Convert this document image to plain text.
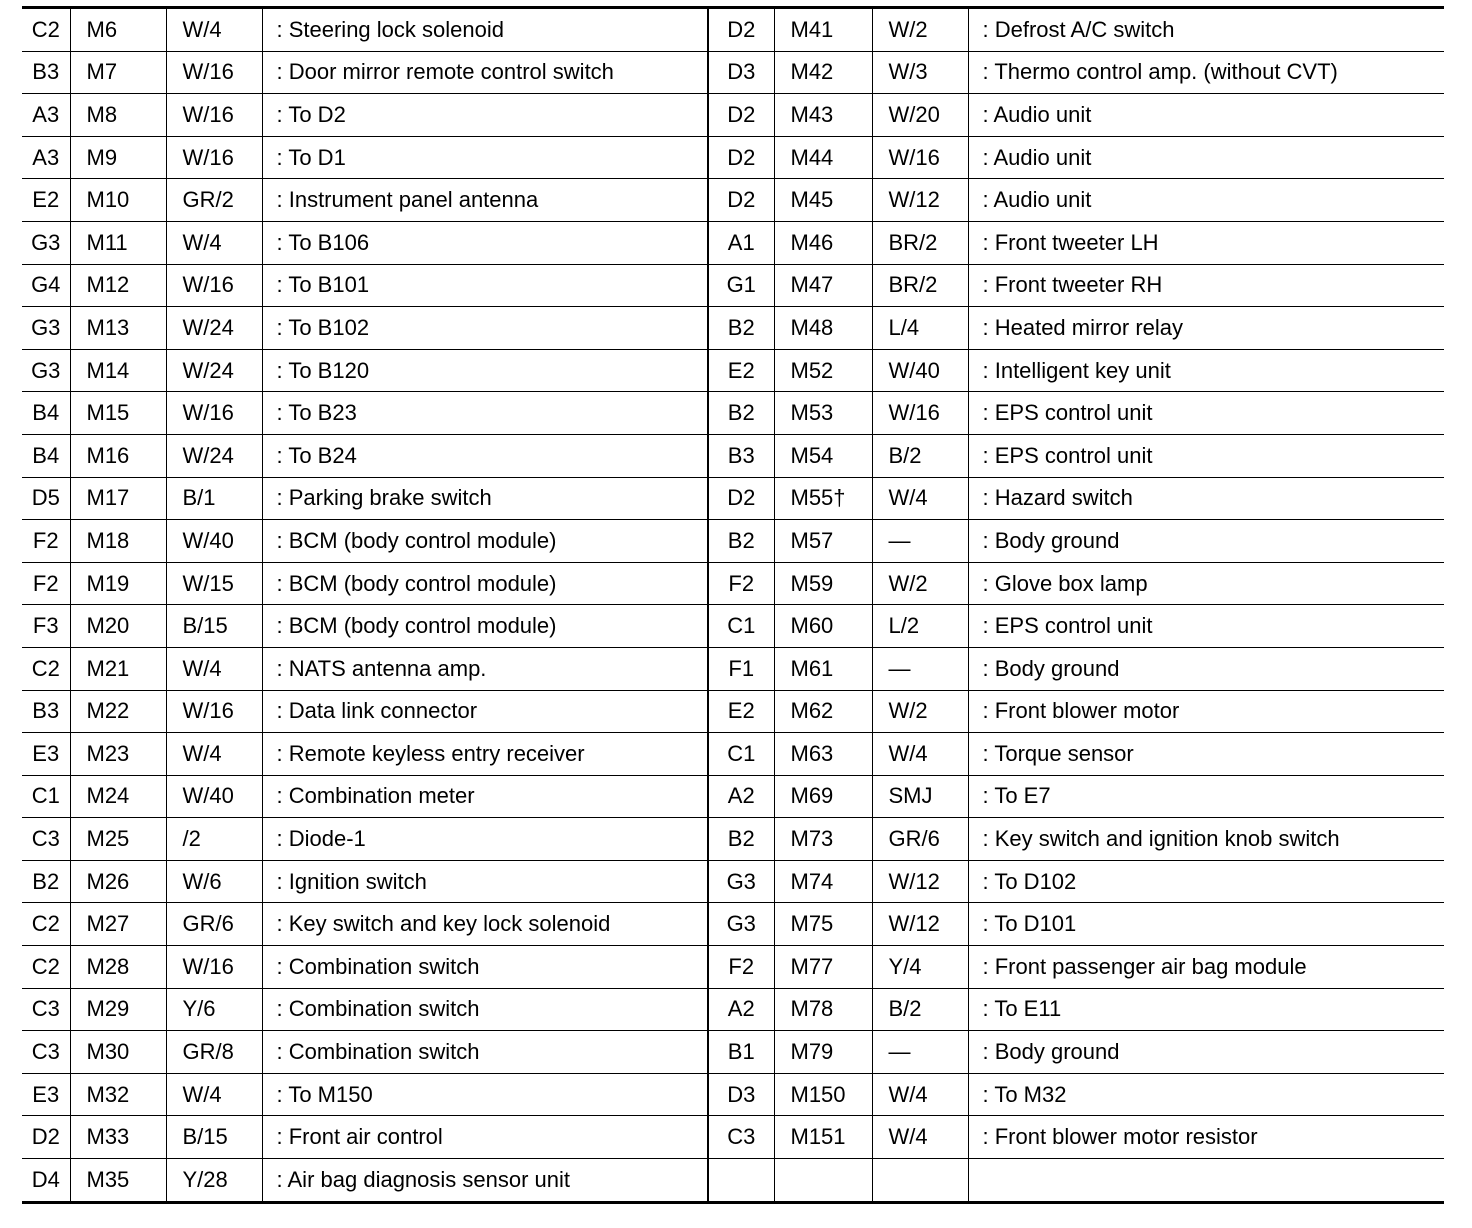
C2	M6	W/4	: Steering lock solenoid	D2	M41	W/2	: Defrost A/C switch
B3	M7	W/16	: Door mirror remote control switch	D3	M42	W/3	: Thermo control amp. (without CVT)
A3	M8	W/16	: To D2	D2	M43	W/20	: Audio unit
A3	M9	W/16	: To D1	D2	M44	W/16	: Audio unit
E2	M10	GR/2	: Instrument panel antenna	D2	M45	W/12	: Audio unit
G3	M11	W/4	: To B106	A1	M46	BR/2	: Front tweeter LH
G4	M12	W/16	: To B101	G1	M47	BR/2	: Front tweeter RH
G3	M13	W/24	: To B102	B2	M48	L/4	: Heated mirror relay
G3	M14	W/24	: To B120	E2	M52	W/40	: Intelligent key unit
B4	M15	W/16	: To B23	B2	M53	W/16	: EPS control unit
B4	M16	W/24	: To B24	B3	M54	B/2	: EPS control unit
D5	M17	B/1	: Parking brake switch	D2	M55†	W/4	: Hazard switch
F2	M18	W/40	: BCM (body control module)	B2	M57	—	: Body ground
F2	M19	W/15	: BCM (body control module)	F2	M59	W/2	: Glove box lamp
F3	M20	B/15	: BCM (body control module)	C1	M60	L/2	: EPS control unit
C2	M21	W/4	: NATS antenna amp.	F1	M61	—	: Body ground
B3	M22	W/16	: Data link connector	E2	M62	W/2	: Front blower motor
E3	M23	W/4	: Remote keyless entry receiver	C1	M63	W/4	: Torque sensor
C1	M24	W/40	: Combination meter	A2	M69	SMJ	: To E7
C3	M25	/2	: Diode-1	B2	M73	GR/6	: Key switch and ignition knob switch
B2	M26	W/6	: Ignition switch	G3	M74	W/12	: To D102
C2	M27	GR/6	: Key switch and key lock solenoid	G3	M75	W/12	: To D101
C2	M28	W/16	: Combination switch	F2	M77	Y/4	: Front passenger air bag module
C3	M29	Y/6	: Combination switch	A2	M78	B/2	: To E11
C3	M30	GR/8	: Combination switch	B1	M79	—	: Body ground
E3	M32	W/4	: To M150	D3	M150	W/4	: To M32
D2	M33	B/15	: Front air control	C3	M151	W/4	: Front blower motor resistor
D4	M35	Y/28	: Air bag diagnosis sensor unit				
